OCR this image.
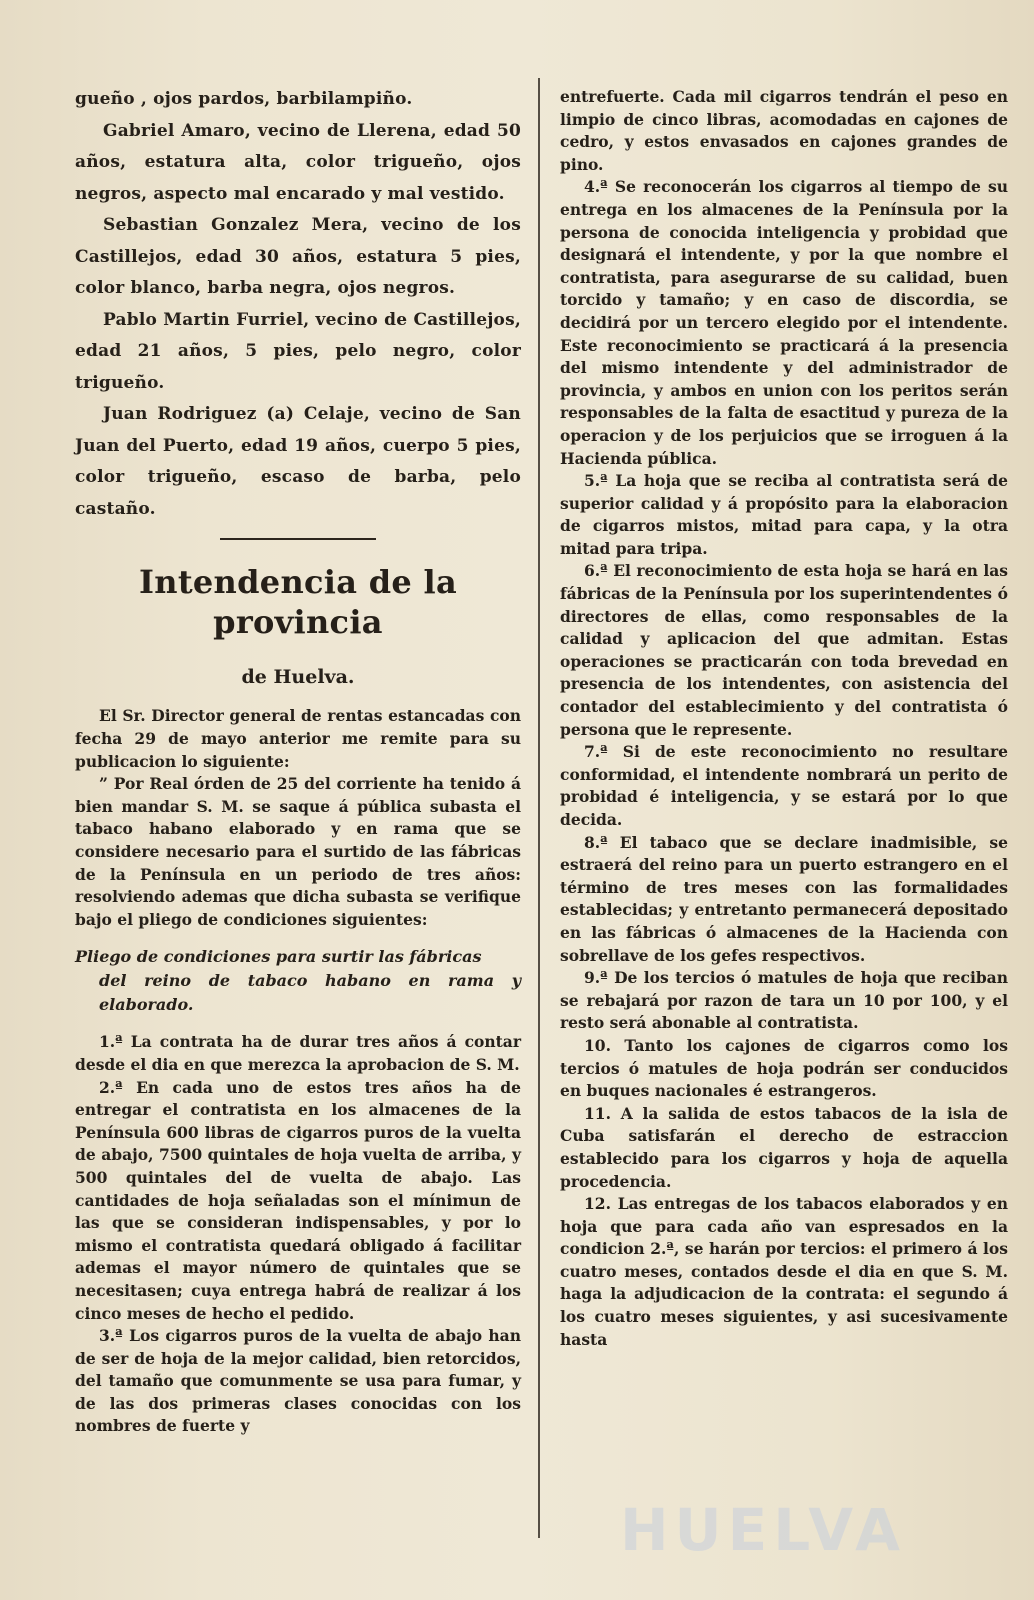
gueño , ojos pardos, barbilampiño.

Gabriel Amaro, vecino de Llerena, edad 50 años, estatura alta, color trigueño, ojos negros, aspecto mal encarado y mal vestido.

Sebastian Gonzalez Mera, vecino de los Castillejos, edad 30 años, estatura 5 pies, color blanco, barba negra, ojos negros.

Pablo Martin Furriel, vecino de Castillejos, edad 21 años, 5 pies, pelo negro, color trigueño.

Juan Rodriguez (a) Celaje, vecino de San Juan del Puerto, edad 19 años, cuerpo 5 pies, color trigueño, escaso de barba, pelo castaño.

Intendencia de la provincia
de Huelva.

El Sr. Director general de rentas estancadas con fecha 29 de mayo anterior me remite para su publicacion lo siguiente:

” Por Real órden de 25 del corriente ha tenido á bien mandar S. M. se saque á pública subasta el tabaco habano elaborado y en rama que se considere necesario para el surtido de las fábricas de la Península en un periodo de tres años: resolviendo ademas que dicha subasta se verifique bajo el pliego de condiciones siguientes:

Pliego de condiciones para surtir las fábricas
del reino de tabaco habano en rama y elaborado.

1.ª La contrata ha de durar tres años á contar desde el dia en que merezca la aprobacion de S. M.

2.ª En cada uno de estos tres años ha de entregar el contratista en los almacenes de la Península 600 libras de cigarros puros de la vuelta de abajo, 7500 quintales de hoja vuelta de arriba, y 500 quintales del de vuelta de abajo. Las cantidades de hoja señaladas son el mínimun de las que se consideran indispensables, y por lo mismo el contratista quedará obligado á facilitar ademas el mayor número de quintales que se necesitasen; cuya entrega habrá de realizar á los cinco meses de hecho el pedido.

3.ª Los cigarros puros de la vuelta de abajo han de ser de hoja de la mejor calidad, bien retorcidos, del tamaño que comunmente se usa para fumar, y de las dos primeras clases conocidas con los nombres de fuerte y

entrefuerte. Cada mil cigarros tendrán el peso en limpio de cinco libras, acomodadas en cajones de cedro, y estos envasados en cajones grandes de pino.

4.ª Se reconocerán los cigarros al tiempo de su entrega en los almacenes de la Península por la persona de conocida inteligencia y probidad que designará el intendente, y por la que nombre el contratista, para asegurarse de su calidad, buen torcido y tamaño; y en caso de discordia, se decidirá por un tercero elegido por el intendente. Este reconocimiento se practicará á la presencia del mismo intendente y del administrador de provincia, y ambos en union con los peritos serán responsables de la falta de esactitud y pureza de la operacion y de los perjuicios que se irroguen á la Hacienda pública.

5.ª La hoja que se reciba al contratista será de superior calidad y á propósito para la elaboracion de cigarros mistos, mitad para capa, y la otra mitad para tripa.

6.ª El reconocimiento de esta hoja se hará en las fábricas de la Península por los superintendentes ó directores de ellas, como responsables de la calidad y aplicacion del que admitan. Estas operaciones se practicarán con toda brevedad en presencia de los intendentes, con asistencia del contador del establecimiento y del contratista ó persona que le represente.

7.ª Si de este reconocimiento no resultare conformidad, el intendente nombrará un perito de probidad é inteligencia, y se estará por lo que decida.

8.ª El tabaco que se declare inadmisible, se estraerá del reino para un puerto estrangero en el término de tres meses con las formalidades establecidas; y entretanto permanecerá depositado en las fábricas ó almacenes de la Hacienda con sobrellave de los gefes respectivos.

9.ª De los tercios ó matules de hoja que reciban se rebajará por razon de tara un 10 por 100, y el resto será abonable al contratista.

10. Tanto los cajones de cigarros como los tercios ó matules de hoja podrán ser conducidos en buques nacionales é estrangeros.

11. A la salida de estos tabacos de la isla de Cuba satisfarán el derecho de estraccion establecido para los cigarros y hoja de aquella procedencia.

12. Las entregas de los tabacos elaborados y en hoja que para cada año van espresados en la condicion 2.ª, se harán por tercios: el primero á los cuatro meses, contados desde el dia en que S. M. haga la adjudicacion de la contrata: el segundo á los cuatro meses siguientes, y asi sucesivamente hasta

HUELVA
